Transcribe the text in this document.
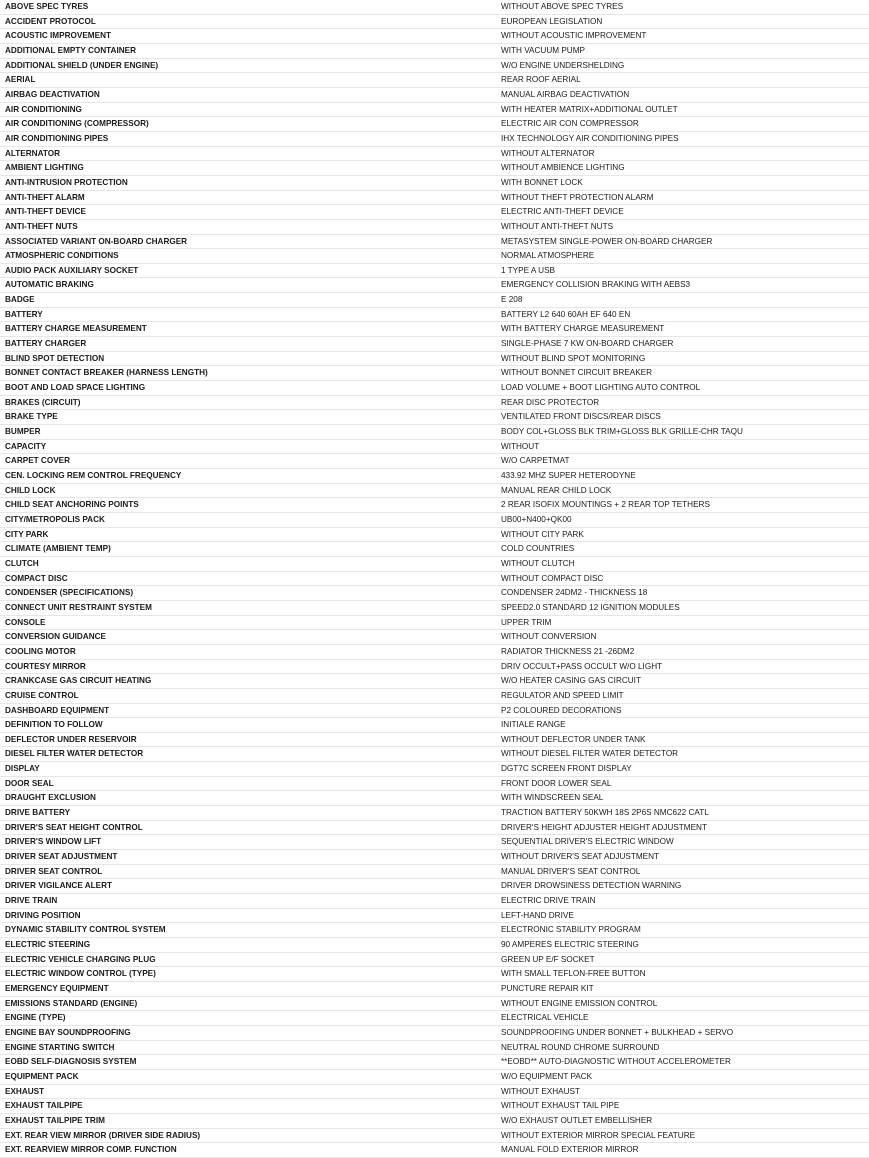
ABOVE SPEC TYRES	WITHOUT ABOVE SPEC TYRES
ACCIDENT PROTOCOL	EUROPEAN LEGISLATION
ACOUSTIC IMPROVEMENT	WITHOUT ACOUSTIC IMPROVEMENT
ADDITIONAL EMPTY CONTAINER	WITH VACUUM PUMP
ADDITIONAL SHIELD (UNDER ENGINE)	W/O ENGINE UNDERSHELDING
AERIAL	REAR ROOF AERIAL
AIRBAG DEACTIVATION	MANUAL AIRBAG DEACTIVATION
AIR CONDITIONING	WITH HEATER MATRIX+ADDITIONAL OUTLET
AIR CONDITIONING (COMPRESSOR)	ELECTRIC AIR CON COMPRESSOR
AIR CONDITIONING PIPES	IHX TECHNOLOGY AIR CONDITIONING PIPES
ALTERNATOR	WITHOUT ALTERNATOR
AMBIENT LIGHTING	WITHOUT AMBIENCE LIGHTING
ANTI-INTRUSION PROTECTION	WITH BONNET LOCK
ANTI-THEFT ALARM	WITHOUT THEFT PROTECTION ALARM
ANTI-THEFT DEVICE	ELECTRIC ANTI-THEFT DEVICE
ANTI-THEFT NUTS	WITHOUT ANTI-THEFT NUTS
ASSOCIATED VARIANT ON-BOARD CHARGER	METASYSTEM SINGLE-POWER ON-BOARD CHARGER
ATMOSPHERIC CONDITIONS	NORMAL ATMOSPHERE
AUDIO PACK AUXILIARY SOCKET	1 TYPE A USB
AUTOMATIC BRAKING	EMERGENCY COLLISION BRAKING WITH AEBS3
BADGE	E 208
BATTERY	BATTERY L2 640 60AH EF 640 EN
BATTERY CHARGE MEASUREMENT	WITH BATTERY CHARGE MEASUREMENT
BATTERY CHARGER	SINGLE-PHASE 7 KW ON-BOARD CHARGER
BLIND SPOT DETECTION	WITHOUT BLIND SPOT MONITORING
BONNET CONTACT BREAKER (HARNESS LENGTH)	WITHOUT BONNET CIRCUIT BREAKER
BOOT AND LOAD SPACE LIGHTING	LOAD VOLUME + BOOT LIGHTING AUTO CONTROL
BRAKES (CIRCUIT)	REAR DISC PROTECTOR
BRAKE TYPE	VENTILATED FRONT DISCS/REAR DISCS
BUMPER	BODY COL+GLOSS BLK TRIM+GLOSS BLK GRILLE-CHR TAQU
CAPACITY	WITHOUT
CARPET COVER	W/O CARPETMAT
CEN. LOCKING REM CONTROL FREQUENCY	433.92 MHZ SUPER HETERODYNE
CHILD LOCK	MANUAL REAR CHILD LOCK
CHILD SEAT ANCHORING POINTS	2 REAR ISOFIX MOUNTINGS + 2 REAR TOP TETHERS
CITY/METROPOLIS PACK	UB00+N400+QK00
CITY PARK	WITHOUT CITY PARK
CLIMATE (AMBIENT TEMP)	COLD COUNTRIES
CLUTCH	WITHOUT CLUTCH
COMPACT DISC	WITHOUT COMPACT DISC
CONDENSER (SPECIFICATIONS)	CONDENSER 24DM2 - THICKNESS 18
CONNECT UNIT RESTRAINT SYSTEM	SPEED2.0 STANDARD 12 IGNITION MODULES
CONSOLE	UPPER TRIM
CONVERSION GUIDANCE	WITHOUT CONVERSION
COOLING MOTOR	RADIATOR THICKNESS 21 -26DM2
COURTESY MIRROR	DRIV OCCULT+PASS OCCULT W/O LIGHT
CRANKCASE GAS CIRCUIT HEATING	W/O HEATER CASING GAS CIRCUIT
CRUISE CONTROL	REGULATOR AND SPEED LIMIT
DASHBOARD EQUIPMENT	P2 COLOURED DECORATIONS
DEFINITION TO FOLLOW	INITIALE RANGE
DEFLECTOR UNDER RESERVOIR	WITHOUT DEFLECTOR UNDER TANK
DIESEL FILTER WATER DETECTOR	WITHOUT DIESEL FILTER WATER DETECTOR
DISPLAY	DGT7C SCREEN FRONT DISPLAY
DOOR SEAL	FRONT DOOR LOWER SEAL
DRAUGHT EXCLUSION	WITH WINDSCREEN SEAL
DRIVE BATTERY	TRACTION BATTERY 50KWH 18S 2P6S NMC622 CATL
DRIVER'S SEAT HEIGHT CONTROL	DRIVER'S HEIGHT ADJUSTER HEIGHT ADJUSTMENT
DRIVER'S WINDOW LIFT	SEQUENTIAL DRIVER'S ELECTRIC WINDOW
DRIVER SEAT ADJUSTMENT	WITHOUT DRIVER'S SEAT ADJUSTMENT
DRIVER SEAT CONTROL	MANUAL DRIVER'S SEAT CONTROL
DRIVER VIGILANCE ALERT	DRIVER DROWSINESS DETECTION WARNING
DRIVE TRAIN	ELECTRIC DRIVE TRAIN
DRIVING POSITION	LEFT-HAND DRIVE
DYNAMIC STABILITY CONTROL SYSTEM	ELECTRONIC STABILITY PROGRAM
ELECTRIC STEERING	90 AMPERES ELECTRIC STEERING
ELECTRIC VEHICLE CHARGING PLUG	GREEN UP E/F SOCKET
ELECTRIC WINDOW CONTROL (TYPE)	WITH SMALL TEFLON-FREE BUTTON
EMERGENCY EQUIPMENT	PUNCTURE REPAIR KIT
EMISSIONS STANDARD (ENGINE)	WITHOUT ENGINE EMISSION CONTROL
ENGINE (TYPE)	ELECTRICAL VEHICLE
ENGINE BAY SOUNDPROOFING	SOUNDPROOFING UNDER BONNET + BULKHEAD + SERVO
ENGINE STARTING SWITCH	NEUTRAL ROUND CHROME SURROUND
EOBD SELF-DIAGNOSIS SYSTEM	**EOBD** AUTO-DIAGNOSTIC WITHOUT ACCELEROMETER
EQUIPMENT PACK	W/O EQUIPMENT PACK
EXHAUST	WITHOUT EXHAUST
EXHAUST TAILPIPE	WITHOUT EXHAUST TAIL PIPE
EXHAUST TAILPIPE TRIM	W/O EXHAUST OUTLET EMBELLISHER
EXT. REAR VIEW MIRROR (DRIVER SIDE RADIUS)	WITHOUT EXTERIOR MIRROR SPECIAL FEATURE
EXT. REARVIEW MIRROR COMP. FUNCTION	MANUAL FOLD EXTERIOR MIRROR
